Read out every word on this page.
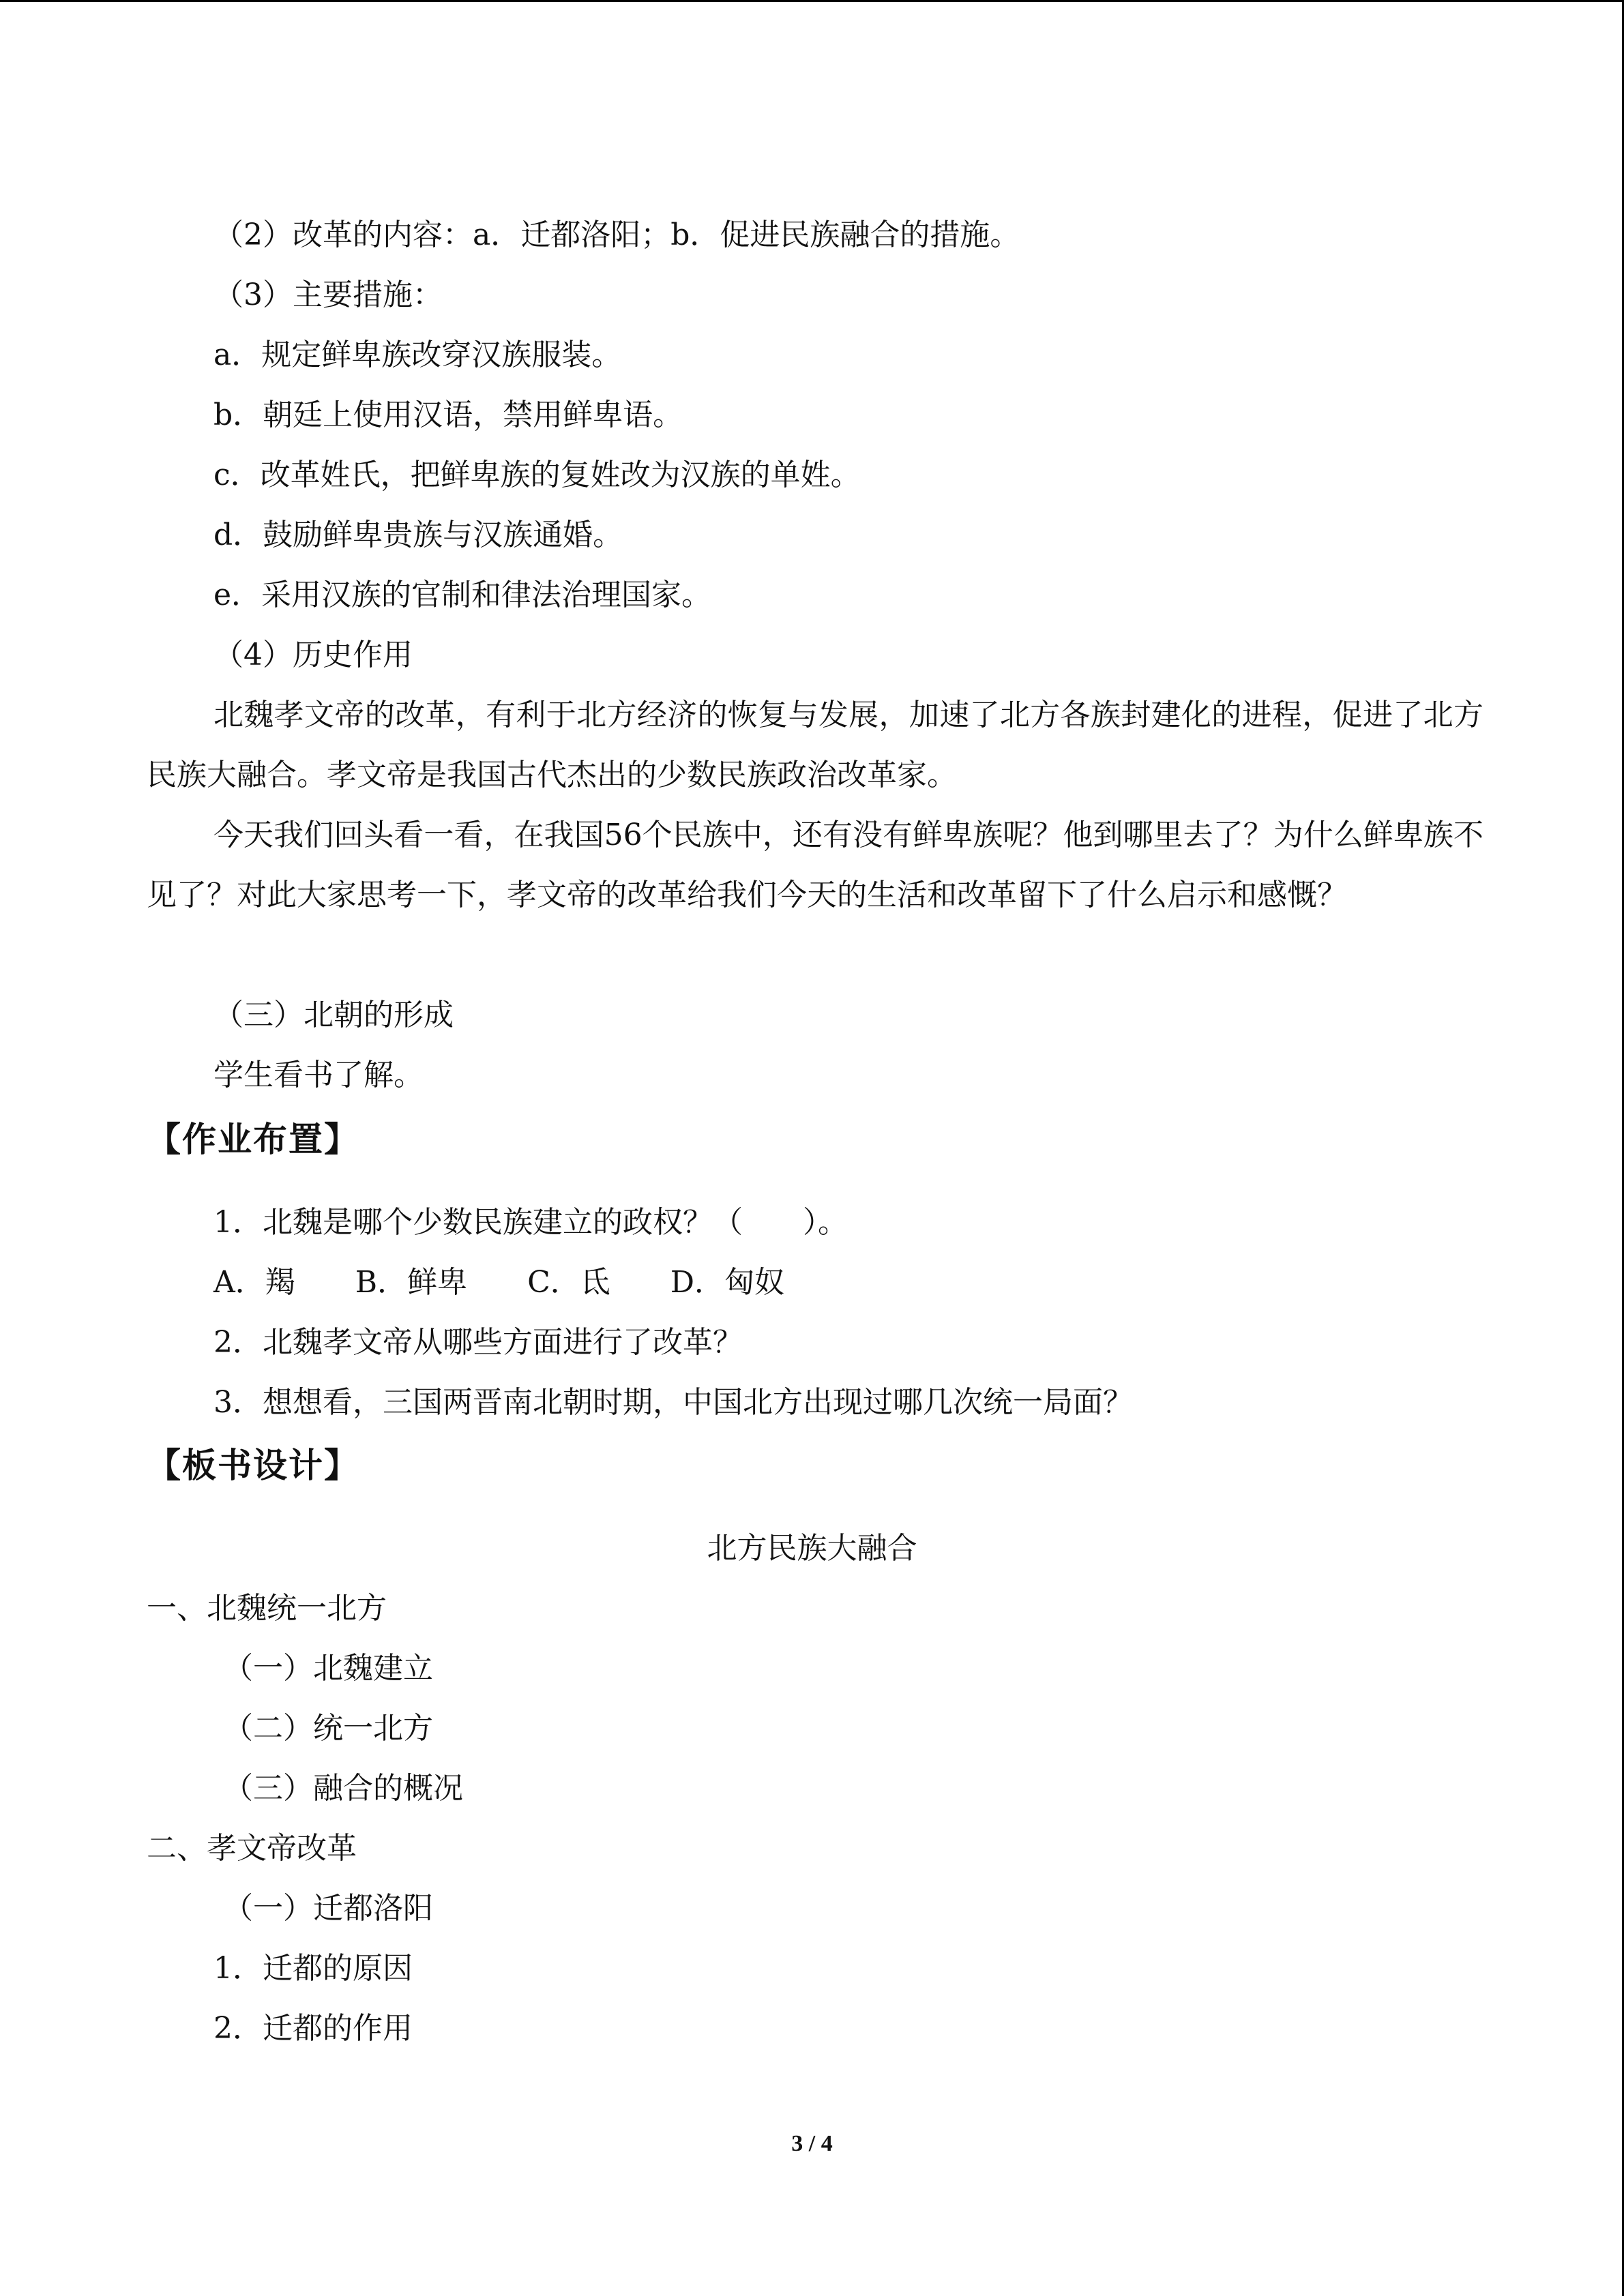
（2）改革的内容：a．迁都洛阳；b．促进民族融合的措施。
（3）主要措施：
a．规定鲜卑族改穿汉族服装。
b．朝廷上使用汉语，禁用鲜卑语。
c．改革姓氏，把鲜卑族的复姓改为汉族的单姓。
d．鼓励鲜卑贵族与汉族通婚。
e．采用汉族的官制和律法治理国家。
（4）历史作用
北魏孝文帝的改革，有利于北方经济的恢复与发展，加速了北方各族封建化的进程，促进了北方民族大融合。孝文帝是我国古代杰出的少数民族政治改革家。
今天我们回头看一看，在我国56个民族中，还有没有鲜卑族呢？他到哪里去了？为什么鲜卑族不见了？对此大家思考一下，孝文帝的改革给我们今天的生活和改革留下了什么启示和感慨？
（三）北朝的形成
学生看书了解。
【作业布置】
1．北魏是哪个少数民族建立的政权？（　　）。
A．羯　　B．鲜卑　　C．氐　　D．匈奴
2．北魏孝文帝从哪些方面进行了改革？
3．想想看，三国两晋南北朝时期，中国北方出现过哪几次统一局面？
【板书设计】
北方民族大融合
一、北魏统一北方
（一）北魏建立
（二）统一北方
（三）融合的概况
二、孝文帝改革
（一）迁都洛阳
1．迁都的原因
2．迁都的作用
3 / 4
